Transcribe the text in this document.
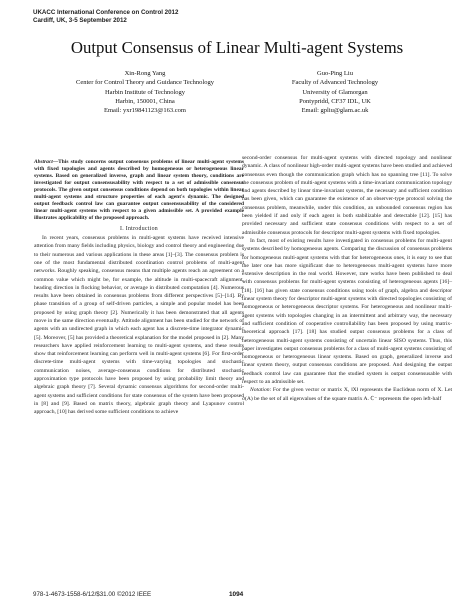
UKACC International Conference on Control 2012
Cardiff, UK, 3-5 September 2012
Output Consensus of Linear Multi-agent Systems
Xin-Rong Yang
Center for Control Theory and Guidance Technology
Harbin Institute of Technology
Harbin, 150001, China
Email: yxr19841123@163.com
Guo-Ping Liu
Faculty of Advanced Technology
University of Glamorgan
Pontypridd, CF37 IDL, UK
Email: gpliu@glam.ac.uk

Abstract—This study concerns output consensus problems of linear multi-agent systems with fixed topologies and agents described by homogeneous or heterogeneous linear systems. Based on generalized inverse, graph and linear system theory, conditions are investigated for output consensusability with respect to a set of admissible consensus protocols. The given output consensus conditions depend on both topologies within linear multi-agent systems and structure properties of each agent's dynamic. The designed output feedback control law can guarantee output consensusability of the considered linear multi-agent systems with respect to a given admissible set. A provided example illustrates applicability of the proposed approach.

I. Introduction

In recent years, consensus problems in multi-agent systems have received intensive attention from many fields including physics, biology and control theory and engineering due to their numerous and various applications in these areas [1]–[3]. The consensus problem is one of the most fundamental distributed coordination control problems of multi-agent networks. Roughly speaking, consensus means that multiple agents reach an agreement on a common value which might be, for example, the altitude in multi-spacecraft alignment, heading direction in flocking behavior, or average in distributed computation [4]. Numerous results have been obtained in consensus problems from different perspectives [5]–[14]. By phase transition of a group of self-driven particles, a simple and popular model has been proposed by using graph theory [2]. Numerically it has been demonstrated that all agents move in the same direction eventually. Attitude alignment has been studied for the network of agents with an undirected graph in which each agent has a discrete-time integrator dynamic [5]. Moreover, [5] has provided a theoretical explanation for the model proposed in [2]. Many researchers have applied reinforcement learning to multi-agent systems, and these results show that reinforcement learning can perform well in multi-agent systems [6]. For first-order discrete-time multi-agent systems with time-varying topologies and stochastic communication noises, average-consensus conditions for distributed stochastic approximation type protocols have been proposed by using probability limit theory and algebraic graph theory [7]. Several dynamic consensus algorithms for second-order multi-agent systems and sufficient conditions for state consensus of the system have been proposed in [8] and [9]. Based on matrix theory, algebraic graph theory and Lyapunov control approach, [10] has derived some sufficient conditions to achieve

second-order consensus for multi-agent systems with directed topology and nonlinear dynamic. A class of nonlinear high-order multi-agent systems have been studied and achieved consensus even though the communication graph which has no spanning tree [11]. To solve the consensus problem of multi-agent systems with a time-invariant communication topology and agents described by linear time-invariant systems, the necessary and sufficient condition has been given, which can guarantee the existence of an observer-type protocol solving the consensus problem, meanwhile, under this condition, an unbounded consensus region has been yielded if and only if each agent is both stabilizable and detectable [12]. [15] has provided necessary and sufficient state consensus conditions with respect to a set of admissible consensus protocols for descriptor multi-agent systems with fixed topologies.

In fact, most of existing results have investigated in consensus problems for multi-agent systems described by homogeneous agents. Comparing the discussion of consensus problems for homogeneous multi-agent systems with that for heterogeneous ones, it is easy to see that the later one has more significant due to heterogeneous multi-agent systems have more extensive description in the real world. However, rare works have been published to deal with consensus problems for multi-agent systems consisting of heterogeneous agents [16]–[18]. [16] has given state consensus conditions using tools of graph, algebra and descriptor linear system theory for descriptor multi-agent systems with directed topologies consisting of homogeneous or heterogeneous descriptor systems. For heterogeneous and nonlinear multi-agent systems with topologies changing in an intermittent and arbitrary way, the necessary and sufficient condition of cooperative controllability has been proposed by using matrix-theoretical approach [17]. [18] has studied output consensus problems for a class of heterogeneous multi-agent systems consisting of uncertain linear SISO systems. Thus, this paper investigates output consensus problems for a class of multi-agent systems consisting of homogeneous or heterogeneous linear systems. Based on graph, generalized inverse and linear system theory, output consensus conditions are proposed. And designing the output feedback control law can guarantee that the studied system is output consensusable with respect to an admissible set.

Notation: For the given vector or matrix X, ‖X‖ represents the Euclidean norm of X. Let σ(A) be the set of all eigenvalues of the square matrix A. ℂ⁻ represents the open left-half

978-1-4673-1558-6/12/$31.00 ©2012 IEEE	1094
